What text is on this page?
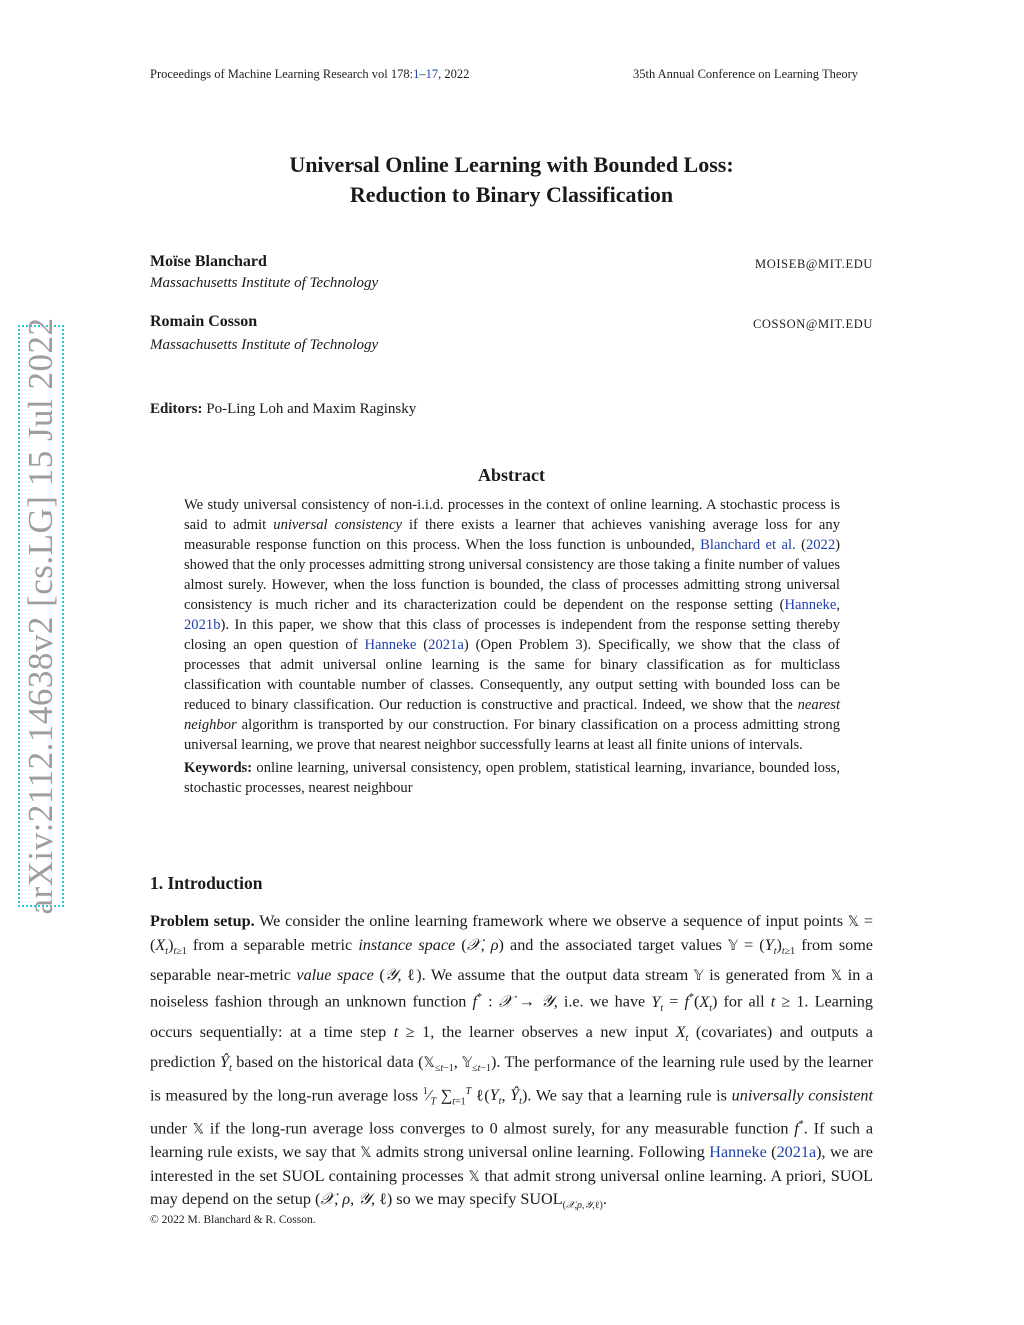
Proceedings of Machine Learning Research vol 178:1–17, 2022	35th Annual Conference on Learning Theory
arXiv:2112.14638v2 [cs.LG] 15 Jul 2022
Universal Online Learning with Bounded Loss:
Reduction to Binary Classification
Moïse Blanchard	MOISEB@MIT.EDU
Massachusetts Institute of Technology
Romain Cosson	COSSON@MIT.EDU
Massachusetts Institute of Technology
Editors: Po-Ling Loh and Maxim Raginsky
Abstract

We study universal consistency of non-i.i.d. processes in the context of online learning. A stochastic process is said to admit universal consistency if there exists a learner that achieves vanishing average loss for any measurable response function on this process. When the loss function is unbounded, Blanchard et al. (2022) showed that the only processes admitting strong universal consistency are those taking a finite number of values almost surely. However, when the loss function is bounded, the class of processes admitting strong universal consistency is much richer and its characterization could be dependent on the response setting (Hanneke, 2021b). In this paper, we show that this class of processes is independent from the response setting thereby closing an open question of Hanneke (2021a) (Open Problem 3). Specifically, we show that the class of processes that admit universal online learning is the same for binary classification as for multiclass classification with countable number of classes. Consequently, any output setting with bounded loss can be reduced to binary classification. Our reduction is constructive and practical. Indeed, we show that the nearest neighbor algorithm is transported by our construction. For binary classification on a process admitting strong universal learning, we prove that nearest neighbor successfully learns at least all finite unions of intervals.

Keywords: online learning, universal consistency, open problem, statistical learning, invariance, bounded loss, stochastic processes, nearest neighbour

1. Introduction

Problem setup. We consider the online learning framework where we observe a sequence of input points 𝕏 = $(X_t)_{t\ge 1}$ from a separable metric instance space (𝒳, ρ) and the associated target values 𝕐 = $(Y_t)_{t\ge 1}$ from some separable near-metric value space (𝒴, ℓ). We assume that the output data stream 𝕐 is generated from 𝕏 in a noiseless fashion through an unknown function f* : 𝒳 → 𝒴, i.e. we have $Y_t = f^*(X_t)$ for all t ≥ 1. Learning occurs sequentially: at a time step t ≥ 1, the learner observes a new input $X_t$ (covariates) and outputs a prediction $Ŷ_t$ based on the historical data (𝕏$_{\le t-1}$, 𝕐$_{\le t-1}$). The performance of the learning rule used by the learner is measured by the long-run average loss $^1⁄_T$ $\sum_{t=1}^T$ $\ell(Y_t$, $Ŷ_t$). We say that a learning rule is universally consistent under 𝕏 if the long-run average loss converges to 0 almost surely, for any measurable function f*. If such a learning rule exists, we say that 𝕏 admits strong universal online learning. Following Hanneke (2021a), we are interested in the set SUOL containing processes 𝕏 that admit strong universal online learning. A priori, SUOL may depend on the setup (𝒳, ρ, 𝒴, ℓ) so we may specify $SUOL_{(𝒳,\rho,𝒴,\ell)}$.

© 2022 M. Blanchard & R. Cosson.
